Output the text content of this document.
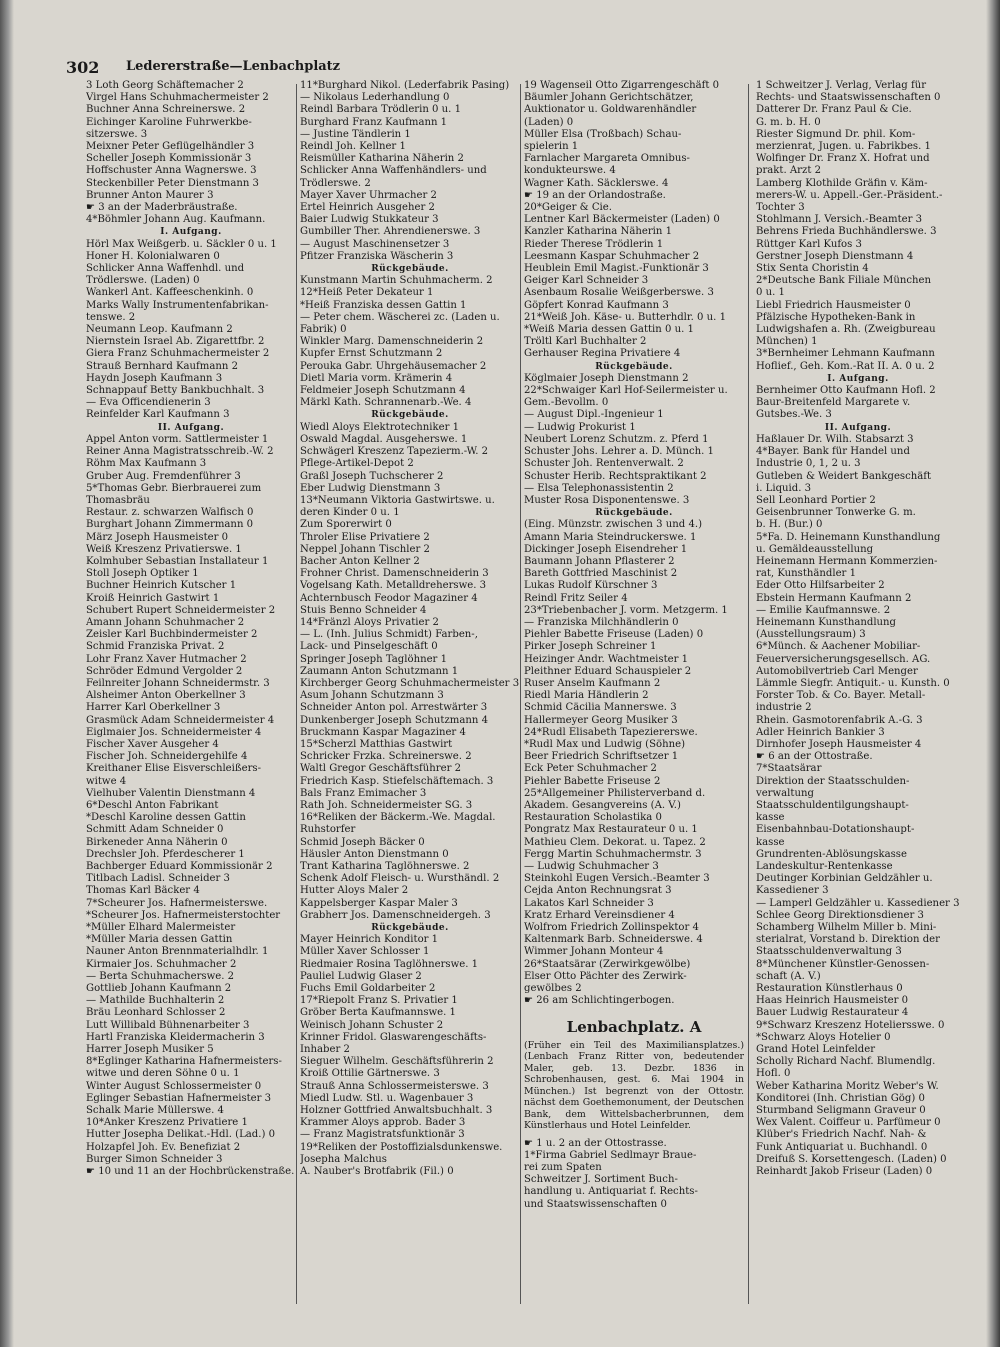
302 Ledererstraße—Lenbachplatz
3 Loth Georg Schäftemacher 2
Virgel Hans Schuhmachermeister 2
Buchner Anna Schreinerswe. 2
Eichinger Karoline Fuhrwerkbe-
sitzerswe. 3
Meixner Peter Geflügelhändler 3
Scheller Joseph Kommissionär 3
Hoffschuster Anna Wagnerswe. 3
Steckenbiller Peter Dienstmann 3
Brunner Anton Maurer 3
☛ 3 an der Maderbräustraße.
4*Böhmler Johann Aug. Kaufmann.
I. Aufgang.
Hörl Max Weißgerb. u. Säckler 0 u. 1
Honer H. Kolonialwaren 0
Schlicker Anna Waffenhdl. und
Trödlerswe. (Laden) 0
Wankerl Ant. Kaffeeschenkinh. 0
Marks Wally Instrumentenfabrikan-
tenswe. 2
Neumann Leop. Kaufmann 2
Niernstein Israel Ab. Zigarettfbr. 2
Giera Franz Schuhmachermeister 2
Strauß Bernhard Kaufmann 2
Haydn Joseph Kaufmann 3
Schnappauf Betty Bankbuchhalt. 3
— Eva Officendienerin 3
Reinfelder Karl Kaufmann 3
II. Aufgang.
Appel Anton vorm. Sattlermeister 1
Reiner Anna Magistratsschreib.-W. 2
Röhm Max Kaufmann 3
Gruber Aug. Fremdenführer 3
5*Thomas Gebr. Bierbrauerei zum
Thomasbräu
Restaur. z. schwarzen Walfisch 0
Burghart Johann Zimmermann 0
März Joseph Hausmeister 0
Weiß Kreszenz Privatierswe. 1
Kolmhuber Sebastian Installateur 1
Stoll Joseph Optiker 1
Buchner Heinrich Kutscher 1
Kroiß Heinrich Gastwirt 1
Schubert Rupert Schneidermeister 2
Amann Johann Schuhmacher 2
Zeisler Karl Buchbindermeister 2
Schmid Franziska Privat. 2
Lohr Franz Xaver Hutmacher 2
Schröder Edmund Vergolder 2
Feilnreiter Johann Schneidermstr. 3
Alsheimer Anton Oberkellner 3
Harrer Karl Oberkellner 3
Grasmück Adam Schneidermeister 4
Eiglmaier Jos. Schneidermeister 4
Fischer Xaver Ausgeher 4
Fischer Joh. Schneidergehilfe 4
Kreithaner Elise Eisverschleißers-
witwe 4
Vielhuber Valentin Dienstmann 4
6*Deschl Anton Fabrikant
*Deschl Karoline dessen Gattin
Schmitt Adam Schneider 0
Birkeneder Anna Näherin 0
Drechsler Joh. Pferdescherer 1
Bachberger Eduard Kommissionär 2
Titlbach Ladisl. Schneider 3
Thomas Karl Bäcker 4
7*Scheurer Jos. Hafnermeisterswe.
*Scheurer Jos. Hafnermeisterstochter
*Müller Elhard Malermeister
*Müller Maria dessen Gattin
Nauner Anton Brennmaterialhdlr. 1
Kirmaier Jos. Schuhmacher 2
— Berta Schuhmacherswe. 2
Gottlieb Johann Kaufmann 2
— Mathilde Buchhalterin 2
Bräu Leonhard Schlosser 2
Lutt Willibald Bühnenarbeiter 3
Hartl Franziska Kleidermacherin 3
Harrer Joseph Musiker 5
8*Eglinger Katharina Hafnermeisters-
witwe und deren Söhne 0 u. 1
Winter August Schlossermeister 0
Eglinger Sebastian Hafnermeister 3
Schalk Marie Müllerswe. 4
10*Anker Kreszenz Privatiere 1
Hutter Josepha Delikat.-Hdl. (Lad.) 0
Holzapfel Joh. Ev. Benefiziat 2
Burger Simon Schneider 3
☛ 10 und 11 an der Hochbrückenstraße.
11*Burghard Nikol. (Lederfabrik Pasing)
— Nikolaus Lederhandlung 0
Reindl Barbara Trödlerin 0 u. 1
Burghard Franz Kaufmann 1
— Justine Tändlerin 1
Reindl Joh. Kellner 1
Reismüller Katharina Näherin 2
Schlicker Anna Waffenhändlers- und
Trödlerswe. 2
Mayer Xaver Uhrmacher 2
Ertel Heinrich Ausgeher 2
Baier Ludwig Stukkateur 3
Gumbiller Ther. Ahrendienerswe. 3
— August Maschinensetzer 3
Pfitzer Franziska Wäscherin 3
Rückgebäude.
Kunstmann Martin Schuhmacherm. 2
12*Heiß Peter Dekateur 1
*Heiß Franziska dessen Gattin 1
— Peter chem. Wäscherei zc. (Laden u.
Fabrik) 0
Winkler Marg. Damenschneiderin 2
Kupfer Ernst Schutzmann 2
Perouka Gabr. Uhrgehäusemacher 2
Dietl Maria vorm. Krämerin 4
Feldmeier Joseph Schutzmann 4
Märkl Kath. Schrannenarb.-We. 4
Rückgebäude.
Wiedl Aloys Elektrotechniker 1
Oswald Magdal. Ausgeherswe. 1
Schwägerl Kreszenz Tapezierm.-W. 2
Pflege-Artikel-Depot 2
Graßl Joseph Tuchscherer 2
Eber Ludwig Dienstmann 3
13*Neumann Viktoria Gastwirtswe. u.
deren Kinder 0 u. 1
Zum Sporerwirt 0
Throler Elise Privatiere 2
Neppel Johann Tischler 2
Bacher Anton Kellner 2
Frohner Christ. Damenschneiderin 3
Vogelsang Kath. Metalldreherswe. 3
Achternbusch Feodor Magaziner 4
Stuis Benno Schneider 4
14*Fränzl Aloys Privatier 2
— L. (Inh. Julius Schmidt) Farben-,
Lack- und Pinselgeschäft 0
Springer Joseph Taglöhner 1
Zaumann Anton Schutzmann 1
Kirchberger Georg Schuhmachermeister 3
Asum Johann Schutzmann 3
Schneider Anton pol. Arrestwärter 3
Dunkenberger Joseph Schutzmann 4
Bruckmann Kaspar Magaziner 4
15*Scherzl Matthias Gastwirt
Schricker Frzka. Schreinerswe. 2
Waltl Gregor Geschäftsführer 2
Friedrich Kasp. Stiefelschäftemach. 3
Bals Franz Emimacher 3
Rath Joh. Schneidermeister SG. 3
16*Reliken der Bäckerm.-We. Magdal.
Ruhstorfer
Schmid Joseph Bäcker 0
Häusler Anton Dienstmann 0
Trant Katharina Taglöhnerswe. 2
Schenk Adolf Fleisch- u. Wursthändl. 2
Hutter Aloys Maler 2
Kappelsberger Kaspar Maler 3
Grabherr Jos. Damenschneidergeh. 3
Rückgebäude.
Mayer Heinrich Konditor 1
Müller Xaver Schlosser 1
Riedmaier Rosina Taglöhnerswe. 1
Pauliel Ludwig Glaser 2
Fuchs Emil Goldarbeiter 2
17*Riepolt Franz S. Privatier 1
Gröber Berta Kaufmannswe. 1
Weinisch Johann Schuster 2
Krinner Fridol. Glaswarengeschäfts-
Inhaber 2
Sieguer Wilhelm. Geschäftsführerin 2
Kroiß Ottilie Gärtnerswe. 3
Strauß Anna Schlossermeisterswe. 3
Miedl Ludw. Stl. u. Wagenbauer 3
Holzner Gottfried Anwaltsbuchhalt. 3
Krammer Aloys approb. Bader 3
— Franz Magistratsfunktionär 3
19*Reliken der Postoffizialsdunkenswe.
Josepha Malchus
A. Nauber's Brotfabrik (Fil.) 0
19 Wagenseil Otto Zigarrengeschäft 0
Bäumler Johann Gerichtschätzer,
Auktionator u. Goldwarenhändler
(Laden) 0
Müller Elsa (Troßbach) Schau-
spielerin 1
Farnlacher Margareta Omnibus-
kondukteurswe. 4
Wagner Kath. Säcklerswe. 4
☛ 19 an der Orlandostraße.
20*Geiger & Cie.
Lentner Karl Bäckermeister (Laden) 0
Kanzler Katharina Näherin 1
Rieder Therese Trödlerin 1
Leesmann Kaspar Schuhmacher 2
Heublein Emil Magist.-Funktionär 3
Geiger Karl Schneider 3
Asenbaum Rosalie Weißgerberswe. 3
Göpfert Konrad Kaufmann 3
21*Weiß Joh. Käse- u. Butterhdlr. 0 u. 1
*Weiß Maria dessen Gattin 0 u. 1
Tröltl Karl Buchhalter 2
Gerhauser Regina Privatiere 4
Rückgebäude.
Köglmaier Joseph Dienstmann 2
22*Schwaiger Karl Hof-Seilermeister u.
Gem.-Bevollm. 0
— August Dipl.-Ingenieur 1
— Ludwig Prokurist 1
Neubert Lorenz Schutzm. z. Pferd 1
Schuster Johs. Lehrer a. D. Münch. 1
Schuster Joh. Rentenverwalt. 2
Schuster Herib. Rechtspraktikant 2
— Elsa Telephonassistentin 2
Muster Rosa Disponentenswe. 3
Rückgebäude.
(Eing. Münzstr. zwischen 3 und 4.)
Amann Maria Steindruckerswe. 1
Dickinger Joseph Eisendreher 1
Baumann Johann Pflasterer 2
Bareth Gottfried Maschinist 2
Lukas Rudolf Kürschner 3
Reindl Fritz Seiler 4
23*Triebenbacher J. vorm. Metzgerm. 1
— Franziska Milchhändlerin 0
Piehler Babette Friseuse (Laden) 0
Pirker Joseph Schreiner 1
Heizinger Andr. Wachtmeister 1
Pleithner Eduard Schauspieler 2
Ruser Anselm Kaufmann 2
Riedl Maria Händlerin 2
Schmid Cäcilia Mannerswe. 3
Hallermeyer Georg Musiker 3
24*Rudl Elisabeth Tapeziererswe.
*Rudl Max und Ludwig (Söhne)
Beer Friedrich Schriftsetzer 1
Eck Peter Schuhmacher 2
Piehler Babette Friseuse 2
25*Allgemeiner Philisterverband d.
Akadem. Gesangvereins (A. V.)
Restauration Scholastika 0
Pongratz Max Restaurateur 0 u. 1
Mathieu Clem. Dekorat. u. Tapez. 2
Fergg Martin Schuhmachermstr. 3
— Ludwig Schuhmacher 3
Steinkohl Eugen Versich.-Beamter 3
Cejda Anton Rechnungsrat 3
Lakatos Karl Schneider 3
Kratz Erhard Vereinsdiener 4
Wolfrom Friedrich Zollinspektor 4
Kaltenmark Barb. Schneiderswe. 4
Wimmer Johann Monteur 4
26*Staatsärar (Zerwirkgewölbe)
Elser Otto Pächter des Zerwirk-
gewölbes 2
☛ 26 am Schlichtingerbogen.
Lenbachplatz. A
(Früher ein Teil des Maximiliansplatzes.) (Lenbach Franz Ritter von, bedeutender Maler, geb. 13. Dezbr. 1836 in Schrobenhausen, gest. 6. Mai 1904 in München.) Ist begrenzt von der Ottostr. nächst dem Goethemonument, der Deutschen Bank, dem Wittelsbacherbrunnen, dem Künstlerhaus und Hotel Leinfelder.
☛ 1 u. 2 an der Ottostrasse.
1*Firma Gabriel Sedlmayr Braue-
rei zum Spaten
Schweitzer J. Sortiment Buch-
handlung u. Antiquariat f. Rechts-
und Staatswissenschaften 0
1 Schweitzer J. Verlag, Verlag für
Rechts- und Staatswissenschaften 0
Datterer Dr. Franz Paul & Cie.
G. m. b. H. 0
Riester Sigmund Dr. phil. Kom-
merzienrat, Jugen. u. Fabrikbes. 1
Wolfinger Dr. Franz X. Hofrat und
prakt. Arzt 2
Lamberg Klothilde Gräfin v. Käm-
merers-W. u. Appell.-Ger.-Präsident.-
Tochter 3
Stohlmann J. Versich.-Beamter 3
Behrens Frieda Buchhändlerswe. 3
Rüttger Karl Kufos 3
Gerstner Joseph Dienstmann 4
Stix Senta Choristin 4
2*Deutsche Bank Filiale München
0 u. 1
Liebl Friedrich Hausmeister 0
Pfälzische Hypotheken-Bank in
Ludwigshafen a. Rh. (Zweigbureau
München) 1
3*Bernheimer Lehmann Kaufmann
Hoflief., Geh. Kom.-Rat II. A. 0 u. 2
I. Aufgang.
Bernheimer Otto Kaufmann Hofl. 2
Baur-Breitenfeld Margarete v.
Gutsbes.-We. 3
II. Aufgang.
Haßlauer Dr. Wilh. Stabsarzt 3
4*Bayer. Bank für Handel und
Industrie 0, 1, 2 u. 3
Gutleben & Weidert Bankgeschäft
i. Liquid. 3
Sell Leonhard Portier 2
Geisenbrunner Tonwerke G. m.
b. H. (Bur.) 0
5*Fa. D. Heinemann Kunsthandlung
u. Gemäldeausstellung
Heinemann Hermann Kommerzien-
rat, Kunsthändler 1
Eder Otto Hilfsarbeiter 2
Ebstein Hermann Kaufmann 2
— Emilie Kaufmannswe. 2
Heinemann Kunsthandlung
(Ausstellungsraum) 3
6*Münch. & Aachener Mobiliar-
Feuerversicherungsgesellsch. AG.
Automobilvertrieb Carl Menger
Lämmle Siegfr. Antiquit.- u. Kunsth. 0
Forster Tob. & Co. Bayer. Metall-
industrie 2
Rhein. Gasmotorenfabrik A.-G. 3
Adler Heinrich Bankier 3
Dirnhofer Joseph Hausmeister 4
☛ 6 an der Ottostraße.
7*Staatsärar
Direktion der Staatsschulden-
verwaltung
Staatsschuldentilgungshaupt-
kasse
Eisenbahnbau-Dotationshaupt-
kasse
Grundrenten-Ablösungskasse
Landeskultur-Rentenkasse
Deutinger Korbinian Geldzähler u.
Kassediener 3
— Lamperl Geldzähler u. Kassediener 3
Schlee Georg Direktionsdiener 3
Schamberg Wilhelm Miller b. Mini-
sterialrat, Vorstand b. Direktion der
Staatsschuldenverwaltung 3
8*Münchener Künstler-Genossen-
schaft (A. V.)
Restauration Künstlerhaus 0
Haas Heinrich Hausmeister 0
Bauer Ludwig Restaurateur 4
9*Schwarz Kreszenz Hoteliersswe. 0
*Schwarz Aloys Hotelier 0
Grand Hotel Leinfelder
Scholly Richard Nachf. Blumendlg.
Hofl. 0
Weber Katharina Moritz Weber's W.
Konditorei (Inh. Christian Gög) 0
Sturmband Seligmann Graveur 0
Wex Valent. Coiffeur u. Parfümeur 0
Klüber's Friedrich Nachf. Nah- &
Funk Antiquariat u. Buchhandl. 0
Dreifuß S. Korsettengesch. (Laden) 0
Reinhardt Jakob Friseur (Laden) 0
